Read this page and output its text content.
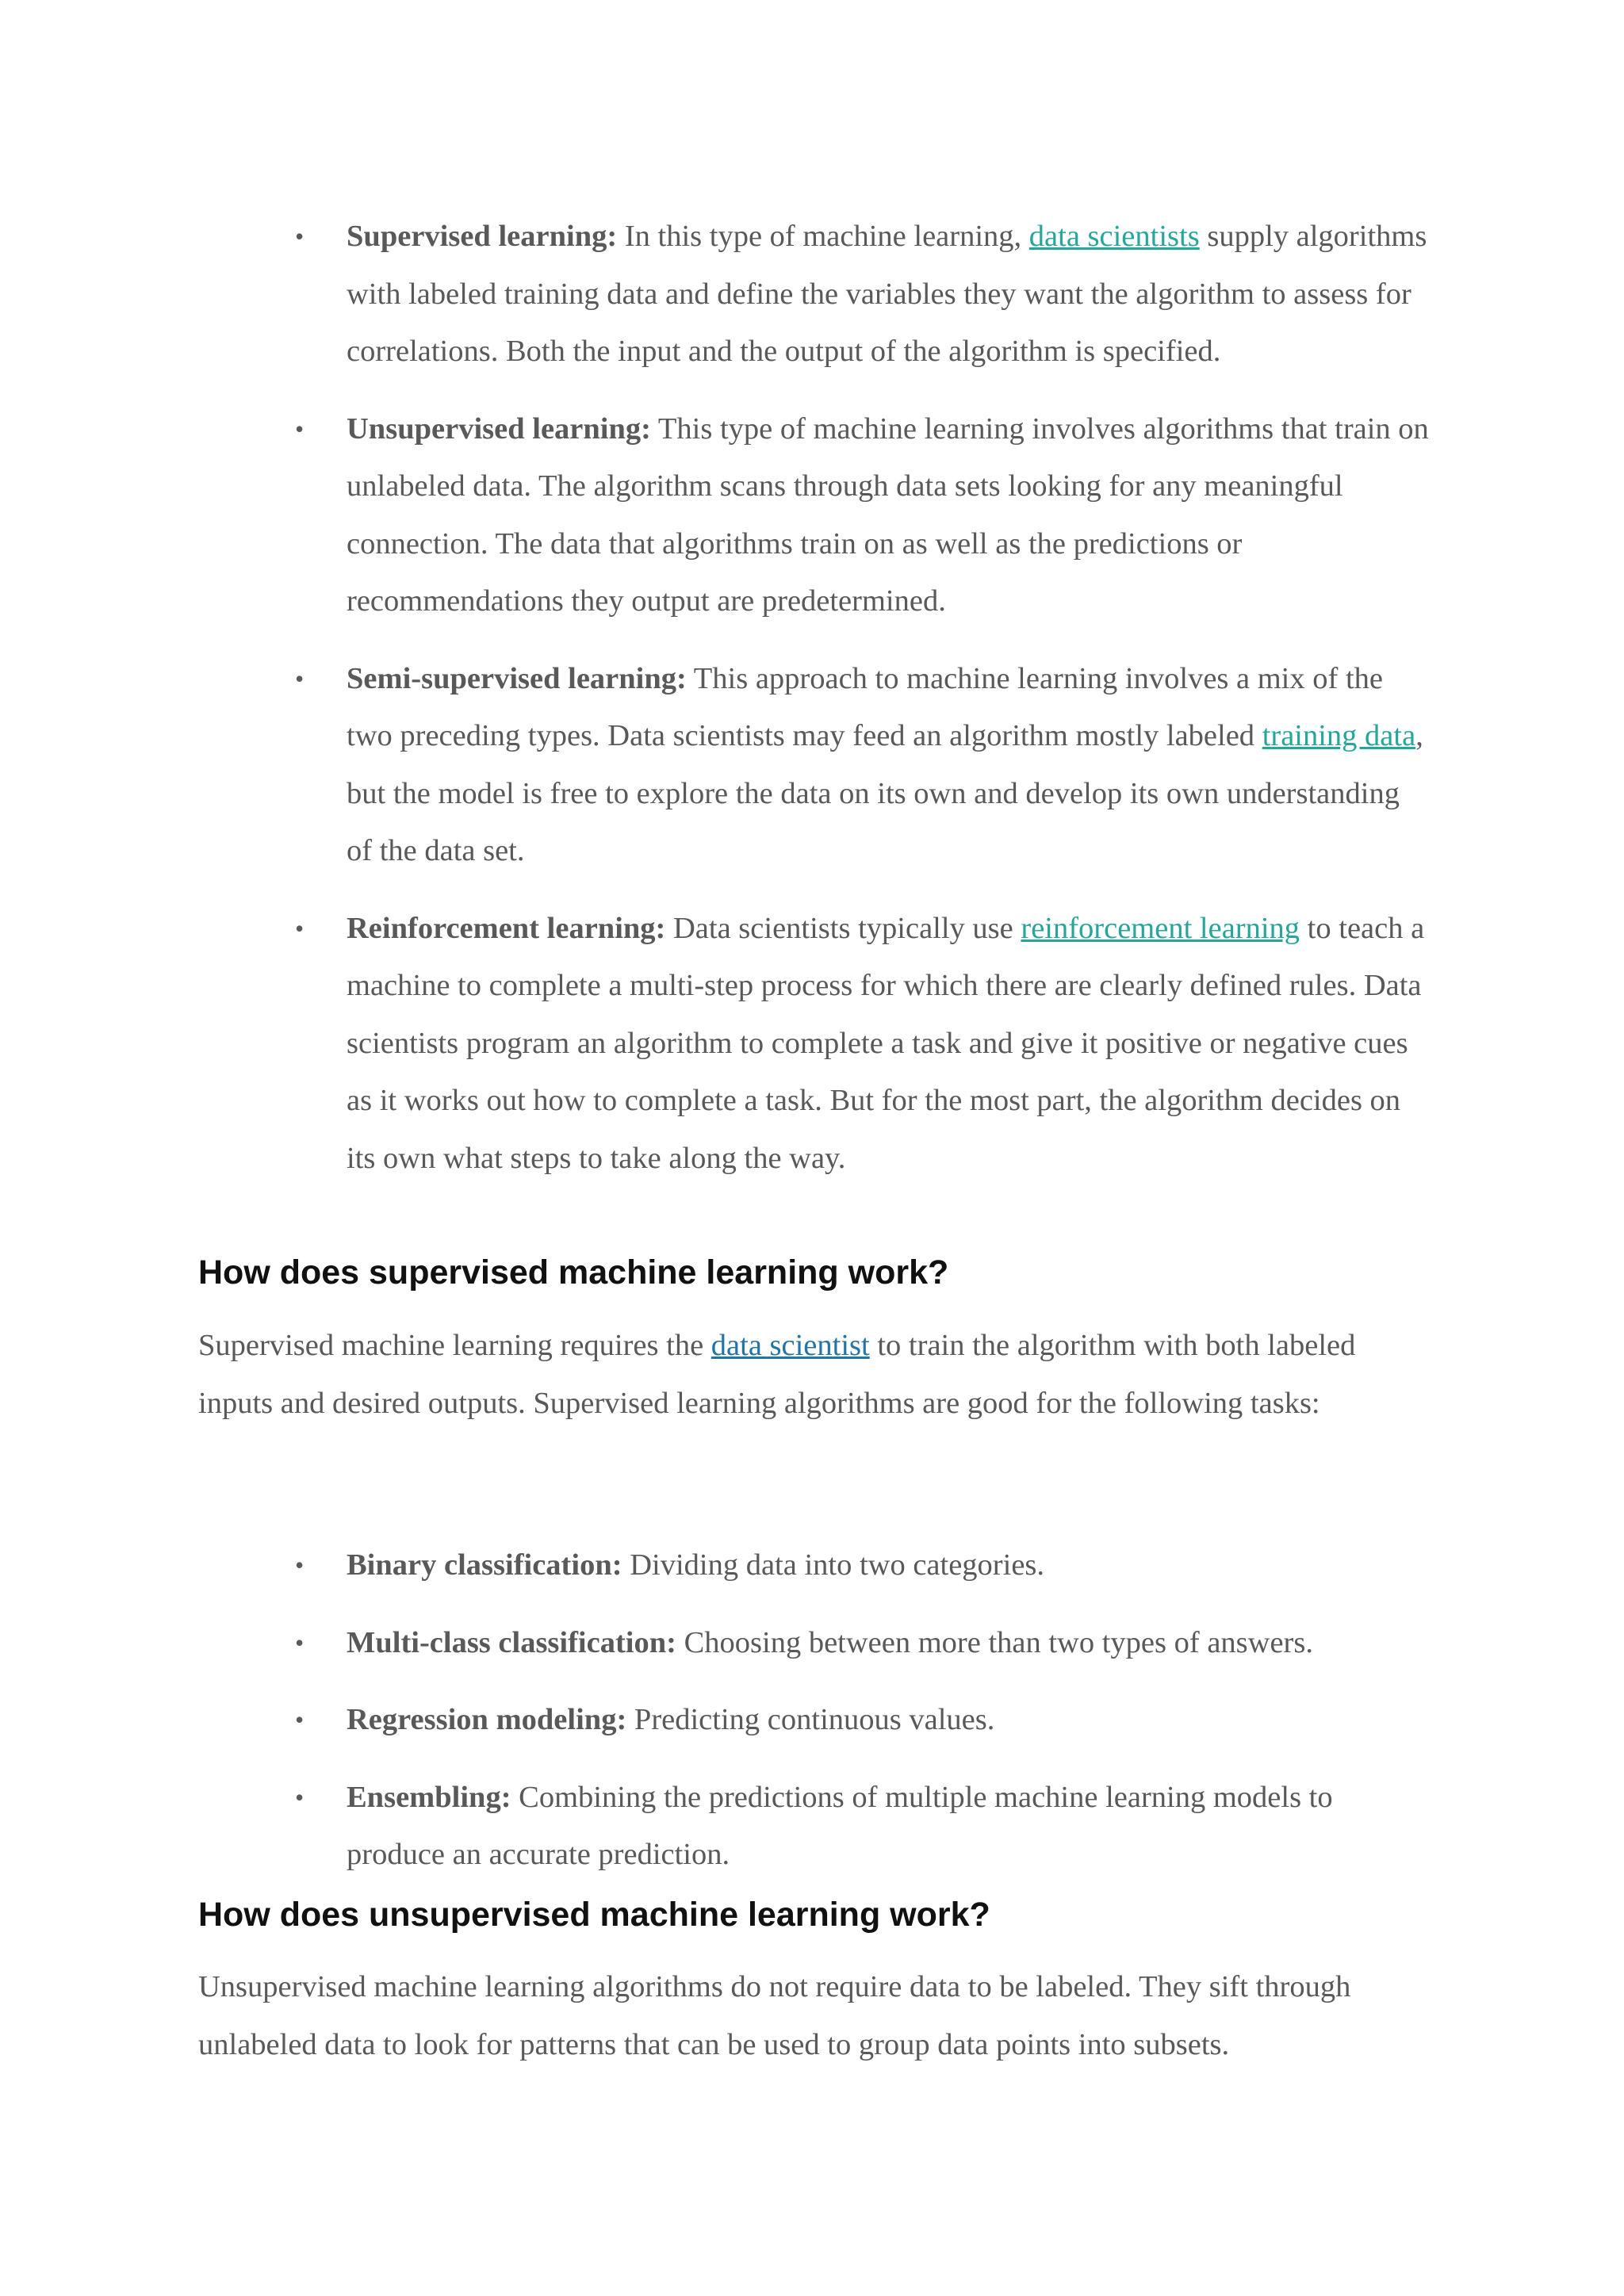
• Supervised learning: In this type of machine learning, data scientists supply algorithms with labeled training data and define the variables they want the algorithm to assess for correlations. Both the input and the output of the algorithm is specified.
• Unsupervised learning: This type of machine learning involves algorithms that train on unlabeled data. The algorithm scans through data sets looking for any meaningful connection. The data that algorithms train on as well as the predictions or recommendations they output are predetermined.
• Semi-supervised learning: This approach to machine learning involves a mix of the two preceding types. Data scientists may feed an algorithm mostly labeled training data, but the model is free to explore the data on its own and develop its own understanding of the data set.
• Reinforcement learning: Data scientists typically use reinforcement learning to teach a machine to complete a multi-step process for which there are clearly defined rules. Data scientists program an algorithm to complete a task and give it positive or negative cues as it works out how to complete a task. But for the most part, the algorithm decides on its own what steps to take along the way.
How does supervised machine learning work?

Supervised machine learning requires the data scientist to train the algorithm with both labeled inputs and desired outputs. Supervised learning algorithms are good for the following tasks:

• Binary classification: Dividing data into two categories.
• Multi-class classification: Choosing between more than two types of answers.
• Regression modeling: Predicting continuous values.
• Ensembling: Combining the predictions of multiple machine learning models to produce an accurate prediction.
How does unsupervised machine learning work?

Unsupervised machine learning algorithms do not require data to be labeled. They sift through unlabeled data to look for patterns that can be used to group data points into subsets.
